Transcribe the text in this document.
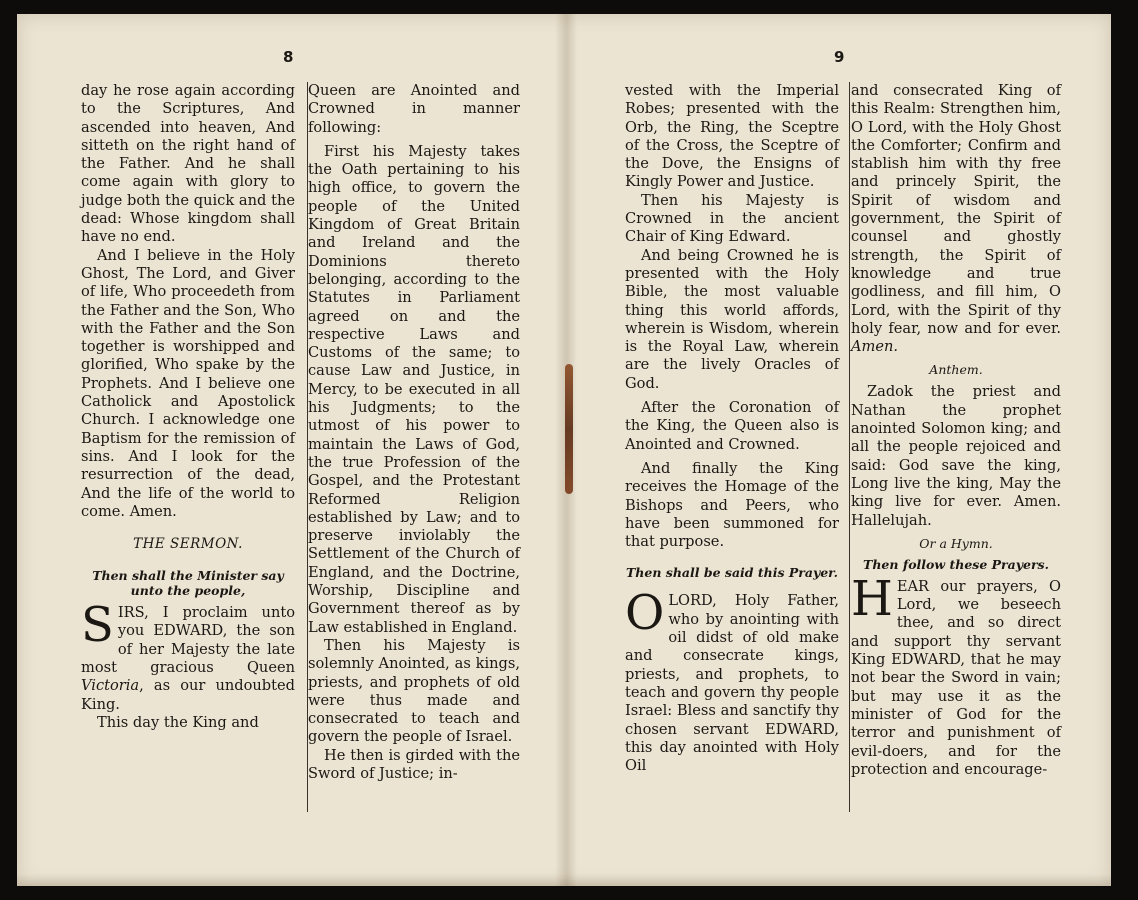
8

day he rose again according to the Scriptures, And ascended into heaven, And sitteth on the right hand of the Father. And he shall come again with glory to judge both the quick and the dead: Whose kingdom shall have no end.

And I believe in the Holy Ghost, The Lord, and Giver of life, Who proceedeth from the Father and the Son, Who with the Father and the Son together is worshipped and glorified, Who spake by the Prophets. And I believe one Catholick and Apostolick Church. I acknowledge one Baptism for the remission of sins. And I look for the resurrection of the dead, And the life of the world to come. Amen.

THE SERMON.
Then shall the Minister say unto the people,

SIRS, I proclaim unto you EDWARD, the son of her Majesty the late most gracious Queen Victoria, as our undoubted King.

This day the King and

Queen are Anointed and Crowned in manner following:

First his Majesty takes the Oath pertaining to his high office, to govern the people of the United Kingdom of Great Britain and Ireland and the Dominions thereto belonging, according to the Statutes in Parliament agreed on and the respective Laws and Customs of the same; to cause Law and Justice, in Mercy, to be executed in all his Judgments; to the utmost of his power to maintain the Laws of God, the true Profession of the Gospel, and the Protestant Reformed Religion established by Law; and to preserve inviolably the Settlement of the Church of England, and the Doctrine, Worship, Discipline and Government thereof as by Law established in England.

Then his Majesty is solemnly Anointed, as kings, priests, and prophets of old were thus made and consecrated to teach and govern the people of Israel.

He then is girded with the Sword of Justice; in-

9

vested with the Imperial Robes; presented with the Orb, the Ring, the Sceptre of the Cross, the Sceptre of the Dove, the Ensigns of Kingly Power and Justice.

Then his Majesty is Crowned in the ancient Chair of King Edward.

And being Crowned he is presented with the Holy Bible, the most valuable thing this world affords, wherein is Wisdom, wherein is the Royal Law, wherein are the lively Oracles of God.

After the Coronation of the King, the Queen also is Anointed and Crowned.

And finally the King receives the Homage of the Bishops and Peers, who have been summoned for that purpose.

Then shall be said this Prayer.

OLORD, Holy Father, who by anointing with oil didst of old make and consecrate kings, priests, and prophets, to teach and govern thy people Israel: Bless and sanctify thy chosen servant EDWARD, this day anointed with Holy Oil

and consecrated King of this Realm: Strengthen him, O Lord, with the Holy Ghost the Comforter; Confirm and stablish him with thy free and princely Spirit, the Spirit of wisdom and government, the Spirit of counsel and ghostly strength, the Spirit of knowledge and true godliness, and fill him, O Lord, with the Spirit of thy holy fear, now and for ever. Amen.

Anthem.

Zadok the priest and Nathan the prophet anointed Solomon king; and all the people rejoiced and said: God save the king, Long live the king, May the king live for ever. Amen. Hallelujah.

Or a Hymn.
Then follow these Prayers.

HEAR our prayers, O Lord, we beseech thee, and so direct and support thy servant King EDWARD, that he may not bear the Sword in vain; but may use it as the minister of God for the terror and punishment of evil-doers, and for the protection and encourage-
